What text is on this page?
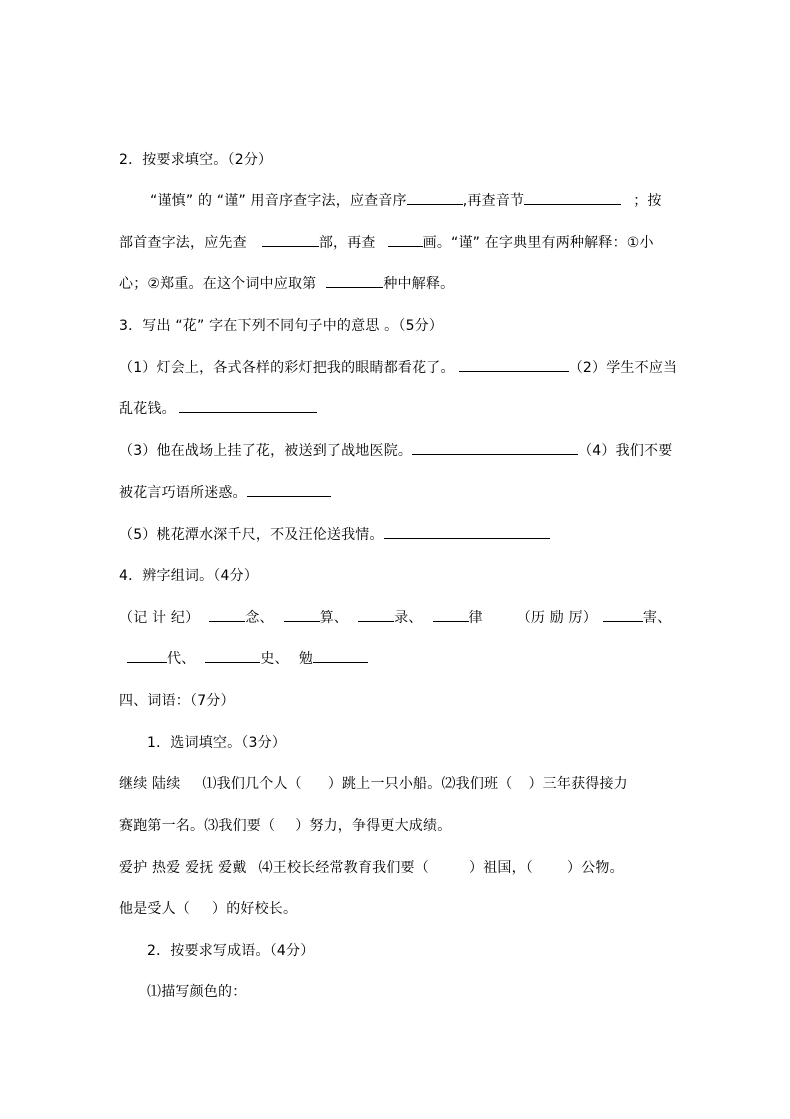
2．按要求填空。（2分）
“谨慎” 的 “谨” 用音序查字法，应查音序	,再查音节	；按
部首查字法，应先查	部，再查	画。“谨” 在字典里有两种解释：①小
心；②郑重。在这个词中应取第	种中解释。
3．写出 “花” 字在下列不同句子中的意思 。（5分）
（1）灯会上，各式各样的彩灯把我的眼睛都看花了。	（2）学生不应当
乱花钱。
（3）他在战场上挂了花，被送到了战地医院。	（4）我们不要
被花言巧语所迷惑。
（5）桃花潭水深千尺，不及汪伦送我情。
4．辨字组词。（4分）
（记 计 纪）	念、	算、	录、	律 （历 励 厉）	害、
代、	史、 勉
四、词语：（7分）
1．选词填空。（3分）
继续 陆续 ⑴我们几个人（ ）跳上一只小船。⑵我们班（ ）三年获得接力
赛跑第一名。⑶我们要（ ）努力，争得更大成绩。
爱护 热爱 爱抚 爱戴 ⑷王校长经常教育我们要（	）祖国，（ ）公物。
他是受人（ ）的好校长。
2．按要求写成语。（4分）
⑴描写颜色的：
